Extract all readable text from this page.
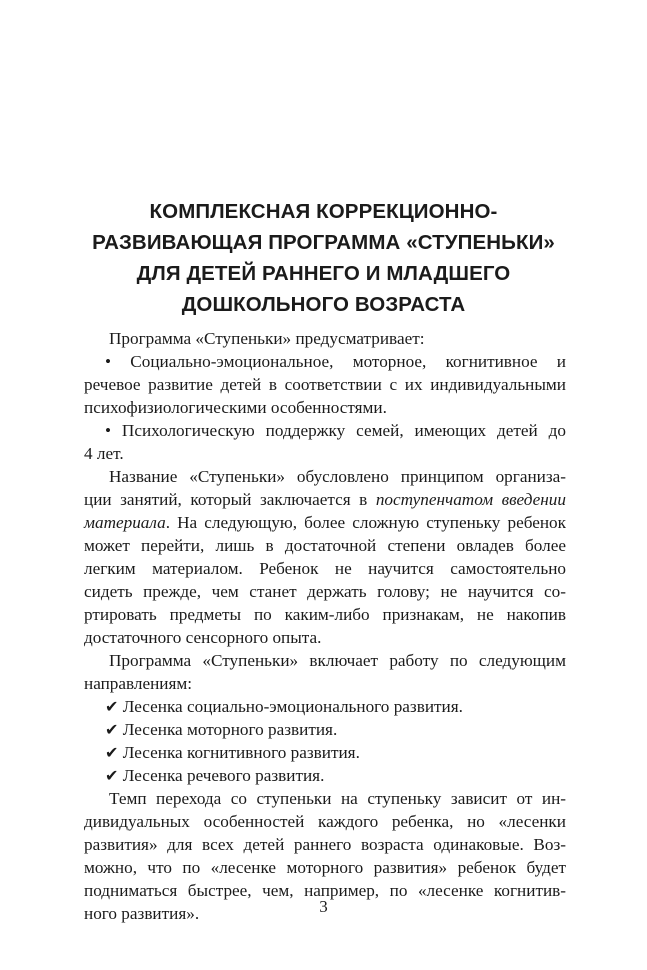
КОМПЛЕКСНАЯ КОРРЕКЦИОННО-
РАЗВИВАЮЩАЯ ПРОГРАММА «СТУПЕНЬКИ»
ДЛЯ ДЕТЕЙ РАННЕГО И МЛАДШЕГО
ДОШКОЛЬНОГО ВОЗРАСТА
Программа «Ступеньки» предусматривает:
• Социально-эмоциональное, моторное, когнитивное и
речевое развитие детей в соответствии с их индивидуальными
психофизиологическими особенностями.
• Психологическую поддержку семей, имеющих детей до
4 лет.
Название «Ступеньки» обусловлено принципом организа-
ции занятий, который заключается в поступенчатом введении
материала. На следующую, более сложную ступеньку ребенок
может перейти, лишь в достаточной степени овладев более
легким материалом. Ребенок не научится самостоятельно
сидеть прежде, чем станет держать голову; не научится со-
ртировать предметы по каким-либо признакам, не накопив
достаточного сенсорного опыта.
Программа «Ступеньки» включает работу по следующим
направлениям:
✔ Лесенка социально-эмоционального развития.
✔ Лесенка моторного развития.
✔ Лесенка когнитивного развития.
✔ Лесенка речевого развития.
Темп перехода со ступеньки на ступеньку зависит от ин-
дивидуальных особенностей каждого ребенка, но «лесенки
развития» для всех детей раннего возраста одинаковые. Воз-
можно, что по «лесенке моторного развития» ребенок будет
подниматься быстрее, чем, например, по «лесенке когнитив-
ного развития».	3
